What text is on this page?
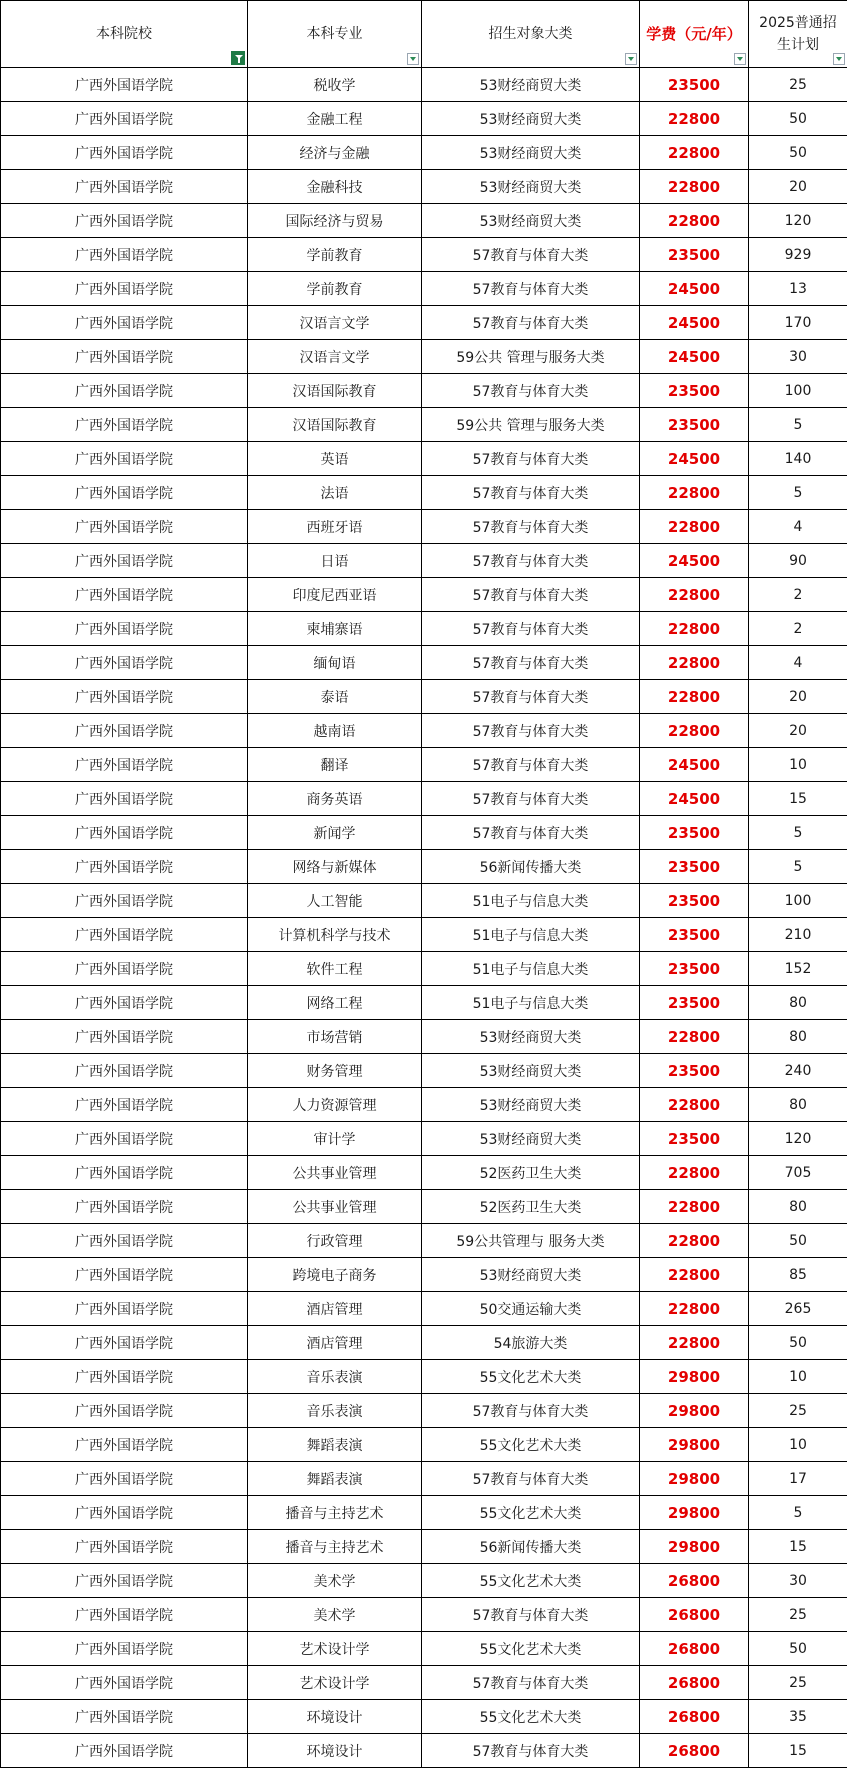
本科院校	本科专业	招生对象大类	学费（元/年）	2025普通招生计划

广西外国语学院	税收学	53财经商贸大类	23500	25
广西外国语学院	金融工程	53财经商贸大类	22800	50
广西外国语学院	经济与金融	53财经商贸大类	22800	50
广西外国语学院	金融科技	53财经商贸大类	22800	20
广西外国语学院	国际经济与贸易	53财经商贸大类	22800	120
广西外国语学院	学前教育	57教育与体育大类	23500	929
广西外国语学院	学前教育	57教育与体育大类	24500	13
广西外国语学院	汉语言文学	57教育与体育大类	24500	170
广西外国语学院	汉语言文学	59公共 管理与服务大类	24500	30
广西外国语学院	汉语国际教育	57教育与体育大类	23500	100
广西外国语学院	汉语国际教育	59公共 管理与服务大类	23500	5
广西外国语学院	英语	57教育与体育大类	24500	140
广西外国语学院	法语	57教育与体育大类	22800	5
广西外国语学院	西班牙语	57教育与体育大类	22800	4
广西外国语学院	日语	57教育与体育大类	24500	90
广西外国语学院	印度尼西亚语	57教育与体育大类	22800	2
广西外国语学院	柬埔寨语	57教育与体育大类	22800	2
广西外国语学院	缅甸语	57教育与体育大类	22800	4
广西外国语学院	泰语	57教育与体育大类	22800	20
广西外国语学院	越南语	57教育与体育大类	22800	20
广西外国语学院	翻译	57教育与体育大类	24500	10
广西外国语学院	商务英语	57教育与体育大类	24500	15
广西外国语学院	新闻学	57教育与体育大类	23500	5
广西外国语学院	网络与新媒体	56新闻传播大类	23500	5
广西外国语学院	人工智能	51电子与信息大类	23500	100
广西外国语学院	计算机科学与技术	51电子与信息大类	23500	210
广西外国语学院	软件工程	51电子与信息大类	23500	152
广西外国语学院	网络工程	51电子与信息大类	23500	80
广西外国语学院	市场营销	53财经商贸大类	22800	80
广西外国语学院	财务管理	53财经商贸大类	23500	240
广西外国语学院	人力资源管理	53财经商贸大类	22800	80
广西外国语学院	审计学	53财经商贸大类	23500	120
广西外国语学院	公共事业管理	52医药卫生大类	22800	705
广西外国语学院	公共事业管理	52医药卫生大类	22800	80
广西外国语学院	行政管理	59公共管理与 服务大类	22800	50
广西外国语学院	跨境电子商务	53财经商贸大类	22800	85
广西外国语学院	酒店管理	50交通运输大类	22800	265
广西外国语学院	酒店管理	54旅游大类	22800	50
广西外国语学院	音乐表演	55文化艺术大类	29800	10
广西外国语学院	音乐表演	57教育与体育大类	29800	25
广西外国语学院	舞蹈表演	55文化艺术大类	29800	10
广西外国语学院	舞蹈表演	57教育与体育大类	29800	17
广西外国语学院	播音与主持艺术	55文化艺术大类	29800	5
广西外国语学院	播音与主持艺术	56新闻传播大类	29800	15
广西外国语学院	美术学	55文化艺术大类	26800	30
广西外国语学院	美术学	57教育与体育大类	26800	25
广西外国语学院	艺术设计学	55文化艺术大类	26800	50
广西外国语学院	艺术设计学	57教育与体育大类	26800	25
广西外国语学院	环境设计	55文化艺术大类	26800	35
广西外国语学院	环境设计	57教育与体育大类	26800	15
